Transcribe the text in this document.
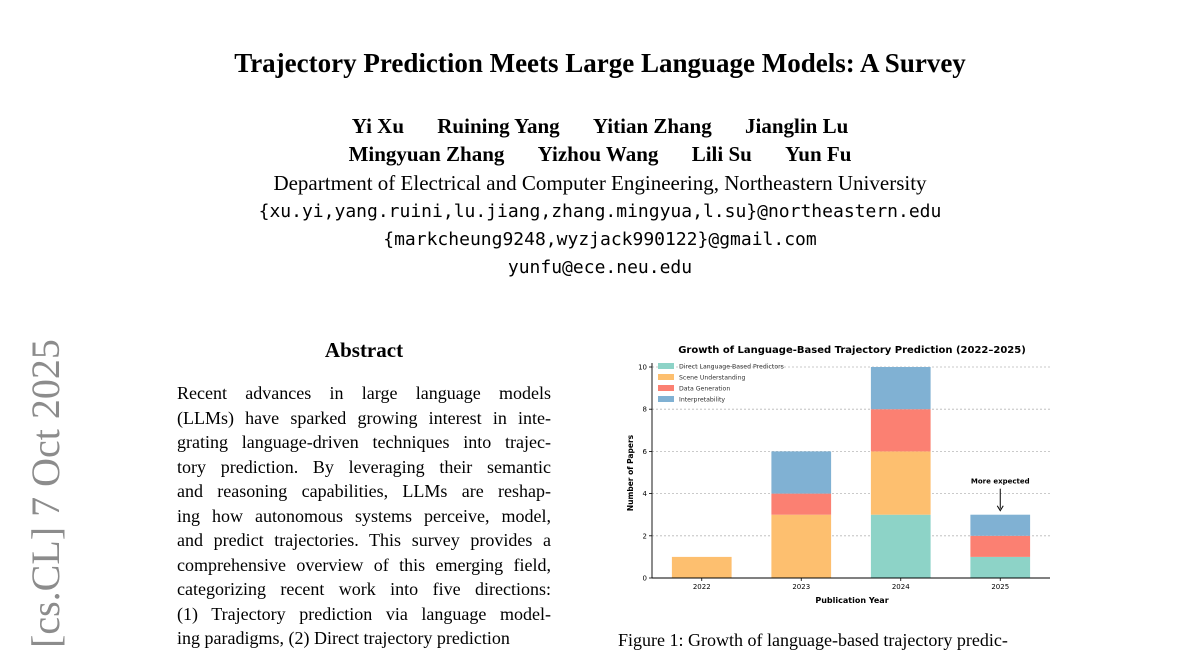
[cs.CL] 7 Oct 2025
Trajectory Prediction Meets Large Language Models: A Survey
Yi Xu Ruining Yang Yitian Zhang Jianglin Lu
Mingyuan Zhang Yizhou Wang Lili Su Yun Fu
Department of Electrical and Computer Engineering, Northeastern University
{xu.yi,yang.ruini,lu.jiang,zhang.mingyua,l.su}@northeastern.edu
{markcheung9248,wyzjack990122}@gmail.com
yunfu@ece.neu.edu
Abstract
Recent advances in large language models
(LLMs) have sparked growing interest in inte-
grating language-driven techniques into trajec-
tory prediction. By leveraging their semantic
and reasoning capabilities, LLMs are reshap-
ing how autonomous systems perceive, model,
and predict trajectories. This survey provides a
comprehensive overview of this emerging field,
categorizing recent work into five directions:
(1) Trajectory prediction via language model-
ing paradigms, (2) Direct trajectory prediction
Growth of Language-Based Trajectory Prediction (2022–2025)
Number of Papers
Publication Year
0
2
4
6
8
10
2022	2023	2024	2025
Direct Language-Based Predictors
Scene Understanding
Data Generation
Interpretability
More expected
Figure 1: Growth of language-based trajectory predic-
